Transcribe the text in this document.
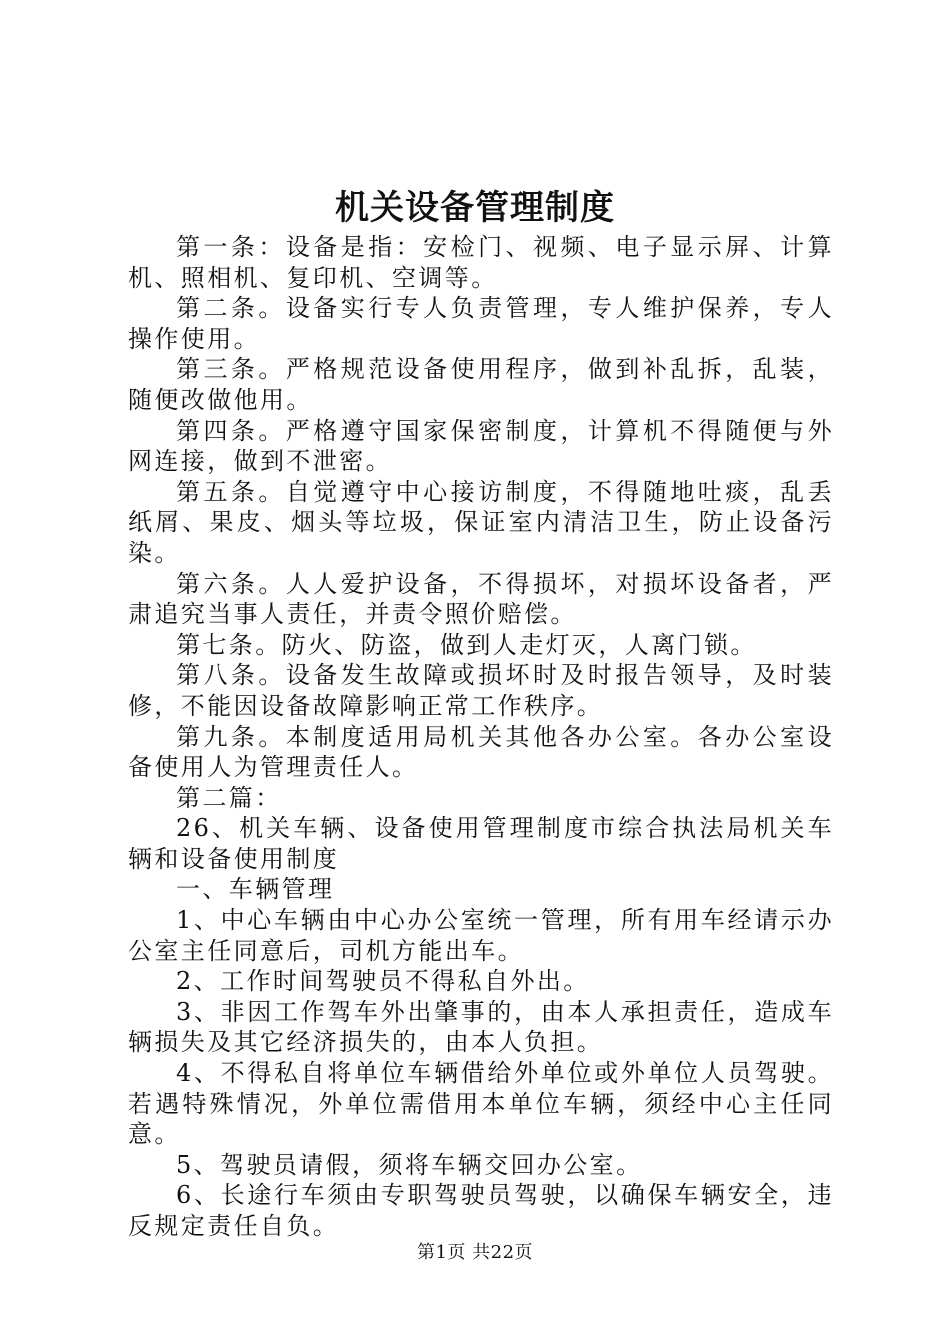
机关设备管理制度

第一条：设备是指：安检门、视频、电子显示屏、计算机、照相机、复印机、空调等。

第二条。设备实行专人负责管理，专人维护保养，专人操作使用。

第三条。严格规范设备使用程序，做到补乱拆，乱装，随便改做他用。

第四条。严格遵守国家保密制度，计算机不得随便与外网连接，做到不泄密。

第五条。自觉遵守中心接访制度，不得随地吐痰，乱丢纸屑、果皮、烟头等垃圾，保证室内清洁卫生，防止设备污染。

第六条。人人爱护设备，不得损坏，对损坏设备者，严肃追究当事人责任，并责令照价赔偿。

第七条。防火、防盗，做到人走灯灭，人离门锁。

第八条。设备发生故障或损坏时及时报告领导，及时装修，不能因设备故障影响正常工作秩序。

第九条。本制度适用局机关其他各办公室。各办公室设备使用人为管理责任人。

第二篇：

26、机关车辆、设备使用管理制度市综合执法局机关车辆和设备使用制度

一、车辆管理

1、中心车辆由中心办公室统一管理，所有用车经请示办公室主任同意后，司机方能出车。

2、工作时间驾驶员不得私自外出。

3、非因工作驾车外出肇事的，由本人承担责任，造成车辆损失及其它经济损失的，由本人负担。

4、不得私自将单位车辆借给外单位或外单位人员驾驶。若遇特殊情况，外单位需借用本单位车辆，须经中心主任同意。

5、驾驶员请假，须将车辆交回办公室。

6、长途行车须由专职驾驶员驾驶，以确保车辆安全，违反规定责任自负。

第1页 共22页
